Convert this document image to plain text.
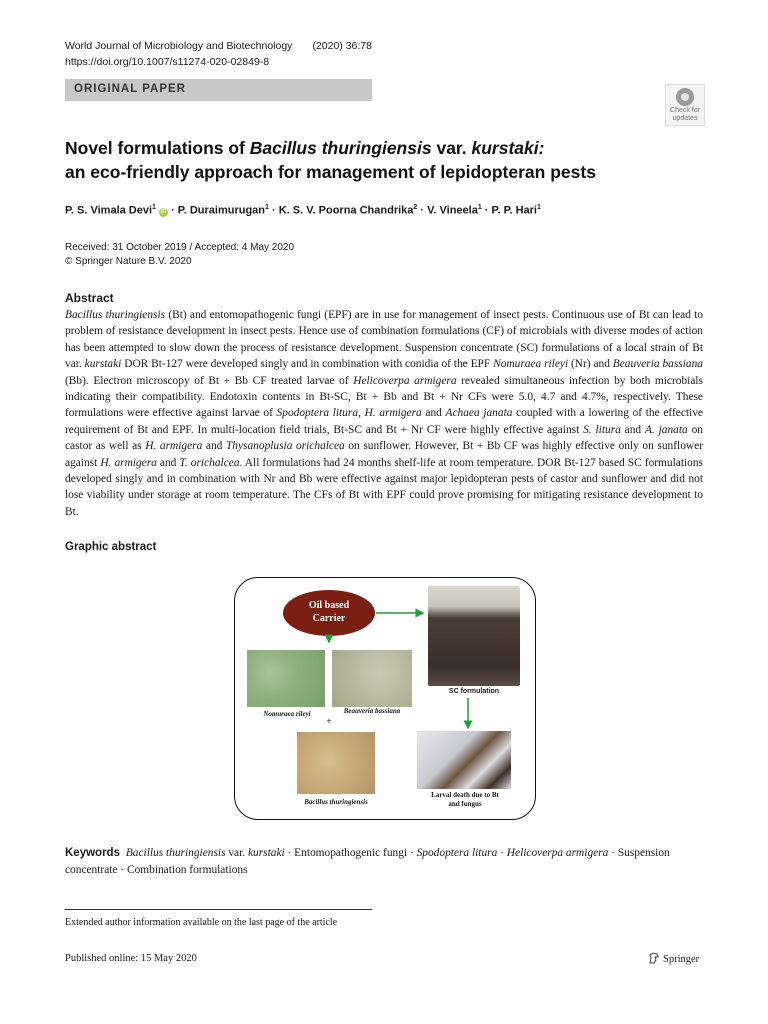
World Journal of Microbiology and Biotechnology (2020) 36:78
https://doi.org/10.1007/s11274-020-02849-8
ORIGINAL PAPER
Check for
updates
Novel formulations of Bacillus thuringiensis var. kurstaki:
an eco-friendly approach for management of lepidopteran pests
P. S. Vimala Devi$^1$ iD · P. Duraimurugan$^1$ · K. S. V. Poorna Chandrika$^2$ · V. Vineela$^1$ · P. P. Hari$^1$
Received: 31 October 2019 / Accepted: 4 May 2020
© Springer Nature B.V. 2020
Abstract
Bacillus thuringiensis (Bt) and entomopathogenic fungi (EPF) are in use for management of insect pests. Continuous use of Bt can lead to problem of resistance development in insect pests. Hence use of combination formulations (CF) of microbials with diverse modes of action has been attempted to slow down the process of resistance development. Suspension concentrate (SC) formulations of a local strain of Bt var. kurstaki DOR Bt-127 were developed singly and in combination with conidia of the EPF Nomuraea rileyi (Nr) and Beauveria bassiana (Bb). Electron microscopy of Bt + Bb CF treated larvae of Helicoverpa armigera revealed simultaneous infection by both microbials indicating their compatibility. Endotoxin contents in Bt-SC, Bt + Bb and Bt + Nr CFs were 5.0, 4.7 and 4.7%, respectively. These formulations were effective against larvae of Spodoptera litura, H. armigera and Achaea janata coupled with a lowering of the effective requirement of Bt and EPF. In multi-location field trials, Bt-SC and Bt + Nr CF were highly effective against S. litura and A. janata on castor as well as H. armigera and Thysanoplusia orichalcea on sunflower. However, Bt + Bb CF was highly effective only on sunflower against H. armigera and T. orichalcea. All formulations had 24 months shelf-life at room temperature. DOR Bt-127 based SC formulations developed singly and in combination with Nr and Bb were effective against major lepidopteran pests of castor and sunflower and did not lose viability under storage at room temperature. The CFs of Bt with EPF could prove promising for mitigating resistance development to Bt.
Graphic abstract
Oil based
Carrier
SC formulation
Nomuraea rileyi	Beauveria bassiana
+
Bacillus thuringiensis
Larval death due to Bt
and fungus
Keywords Bacillus thuringiensis var. kurstaki · Entomopathogenic fungi · Spodoptera litura · Helicoverpa armigera · Suspension concentrate · Combination formulations
Extended author information available on the last page of the article
Published online: 15 May 2020	Springer
